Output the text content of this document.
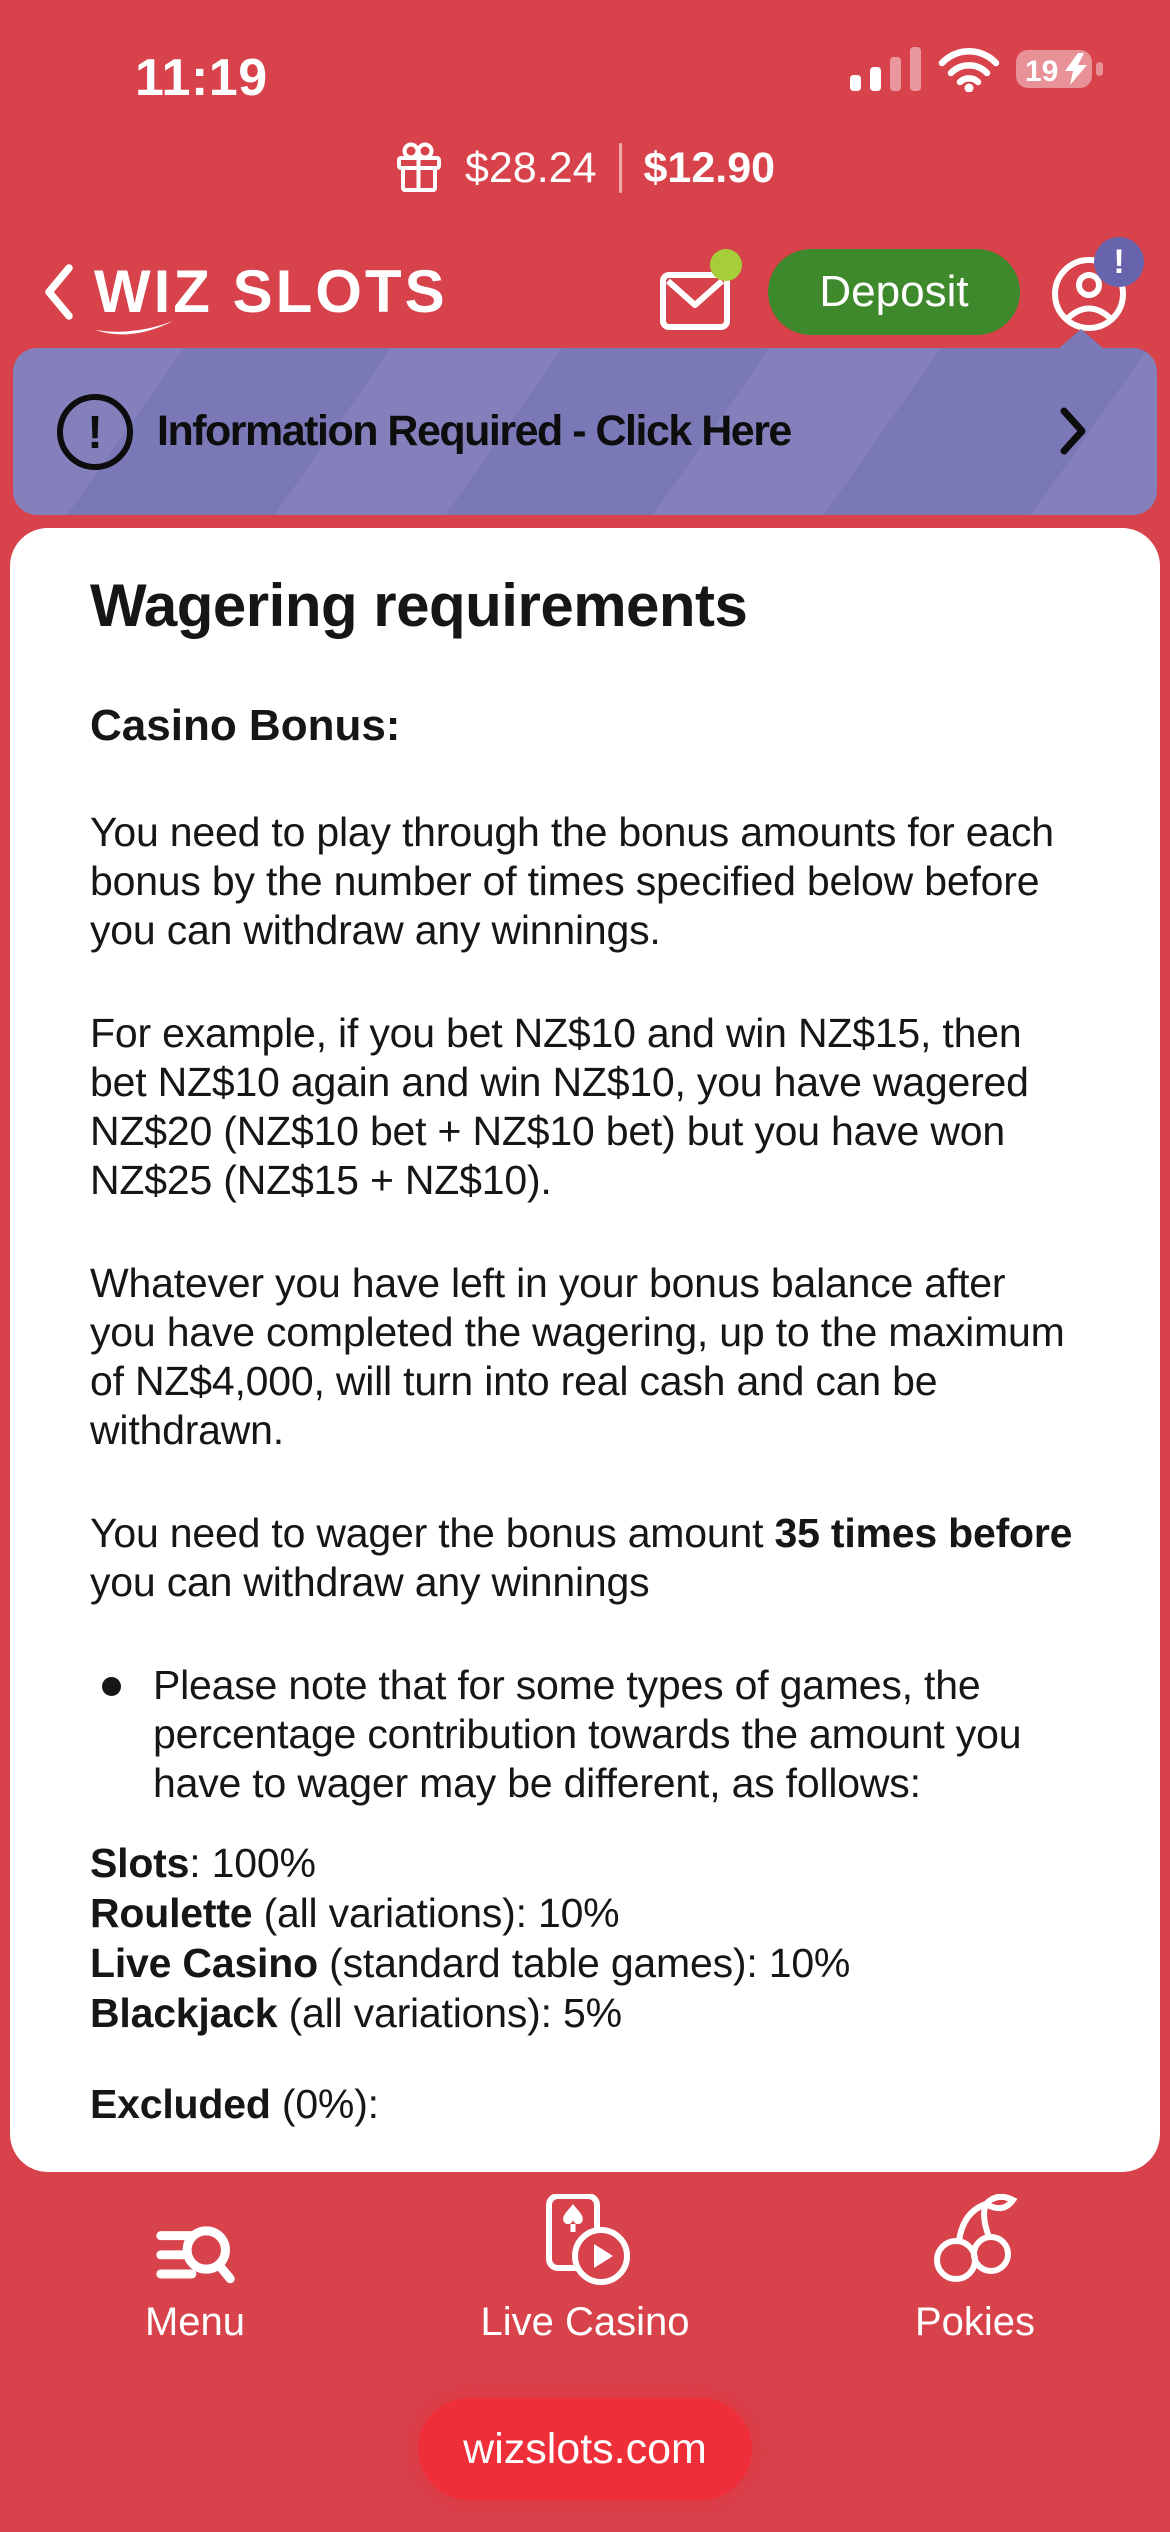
11:19	19
$28.24 $12.90
WIZ SLOTS	Deposit
!
!	Information Required - Click Here
Wagering requirements
Casino Bonus:

You need to play through the bonus amounts for each bonus by the number of times specified below before you can withdraw any winnings.

For example, if you bet NZ$10 and win NZ$15, then bet NZ$10 again and win NZ$10, you have wagered NZ$20 (NZ$10 bet + NZ$10 bet) but you have won NZ$25 (NZ$15 + NZ$10).

Whatever you have left in your bonus balance after you have completed the wagering, up to the maximum of NZ$4,000, will turn into real cash and can be withdrawn.

You need to wager the bonus amount 35 times before you can withdraw any winnings

Please note that for some types of games, the percentage contribution towards the amount you have to wager may be different, as follows:
Slots: 100%
Roulette (all variations): 10%
Live Casino (standard table games): 10%
Blackjack (all variations): 5%

Excluded (0%):

Menu	Live Casino	Pokies
wizslots.com
